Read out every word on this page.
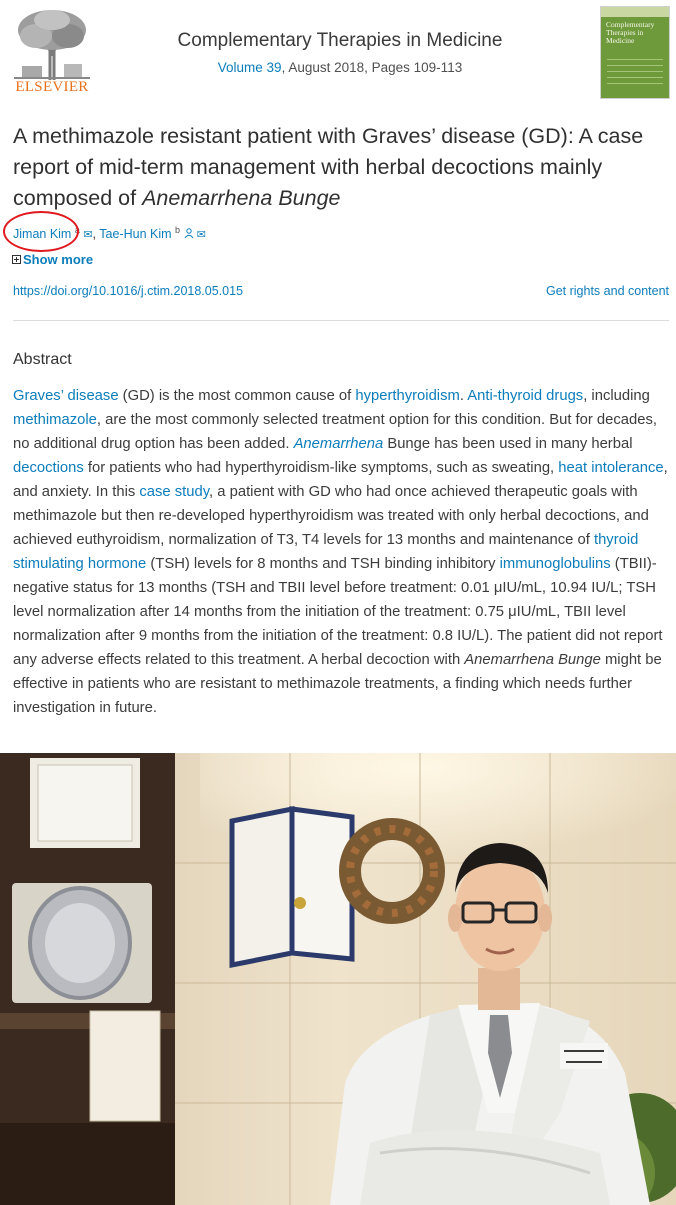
ELSEVIER
Complementary Therapies in Medicine
Volume 39, August 2018, Pages 109-113
Complementary Therapies in Medicine
A methimazole resistant patient with Graves’ disease (GD): A case report of mid-term management with herbal decoctions mainly composed of Anemarrhena Bunge
Jiman Kim $^a$ ✉, Tae-Hun Kim $^b$ ✉
Show more
https://doi.org/10.1016/j.ctim.2018.05.015	Get rights and content
Abstract
Graves’ disease (GD) is the most common cause of hyperthyroidism. Anti-thyroid drugs, including methimazole, are the most commonly selected treatment option for this condition. But for decades, no additional drug option has been added. Anemarrhena Bunge has been used in many herbal decoctions for patients who had hyperthyroidism-like symptoms, such as sweating, heat intolerance, and anxiety. In this case study, a patient with GD who had once achieved therapeutic goals with methimazole but then re-developed hyperthyroidism was treated with only herbal decoctions, and achieved euthyroidism, normalization of T3, T4 levels for 13 months and maintenance of thyroid stimulating hormone (TSH) levels for 8 months and TSH binding inhibitory immunoglobulins (TBII)-negative status for 13 months (TSH and TBII level before treatment: 0.01 μIU/mL, 10.94 IU/L; TSH level normalization after 14 months from the initiation of the treatment: 0.75 μIU/mL, TBII level normalization after 9 months from the initiation of the treatment: 0.8 IU/L). The patient did not report any adverse effects related to this treatment. A herbal decoction with Anemarrhena Bunge might be effective in patients who are resistant to methimazole treatments, a finding which needs further investigation in future.
